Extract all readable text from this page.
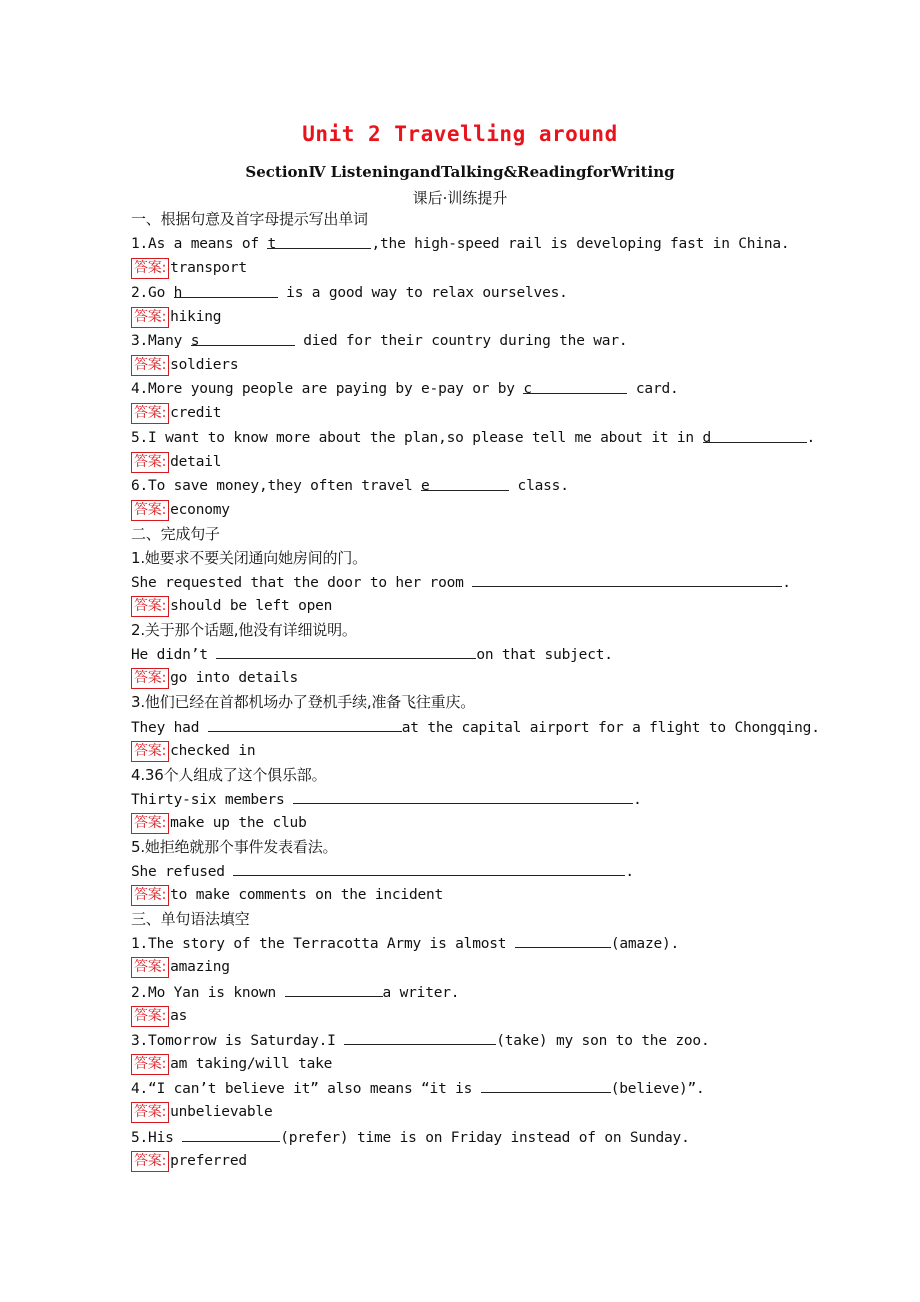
Unit 2 Travelling around
SectionⅣ ListeningandTalking&ReadingforWriting
课后·训练提升
一、根据句意及首字母提示写出单词
1.As a means of t	,the high-speed rail is developing fast in China.
答案: transport
2.Go h	is a good way to relax ourselves.
答案: hiking
3.Many s	died for their country during the war.
答案: soldiers
4.More young people are paying by e-pay or by c	card.
答案: credit
5.I want to know more about the plan,so please tell me about it in d	.
答案: detail
6.To save money,they often travel e	class.
答案: economy
二、完成句子
1.她要求不要关闭通向她房间的门。
She requested that the door to her room	.
答案: should be left open
2.关于那个话题,他没有详细说明。
He didn’t	on that subject.
答案: go into details
3.他们已经在首都机场办了登机手续,准备飞往重庆。
They had	at the capital airport for a flight to Chongqing.
答案: checked in
4.36个人组成了这个俱乐部。
Thirty-six members	.
答案: make up the club
5.她拒绝就那个事件发表看法。
She refused	.
答案: to make comments on the incident
三、单句语法填空
1.The story of the Terracotta Army is almost	(amaze).
答案: amazing
2.Mo Yan is known	a writer.
答案: as
3.Tomorrow is Saturday.I	(take) my son to the zoo.
答案: am taking/will take
4.“I can’t believe it” also means “it is	(believe)”.
答案: unbelievable
5.His	(prefer) time is on Friday instead of on Sunday.
答案: preferred
